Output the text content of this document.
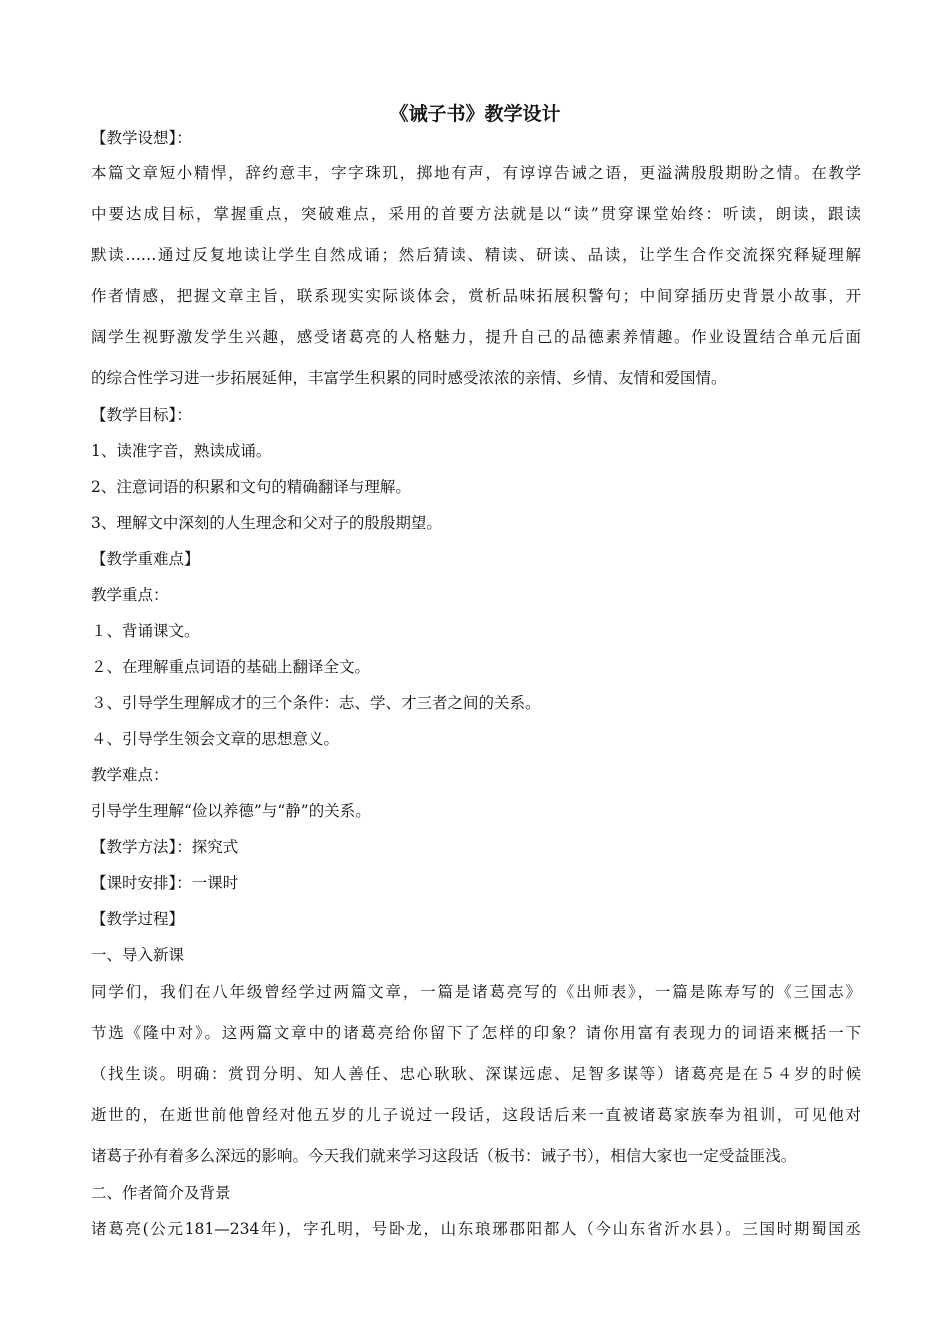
《诫子书》教学设计
【教学设想】：
本篇文章短小精悍，辞约意丰，字字珠玑，掷地有声，有谆谆告诫之语，更溢满殷殷期盼之情。在教学
中要达成目标，掌握重点，突破难点，采用的首要方法就是以“读”贯穿课堂始终：听读，朗读，跟读
默读……通过反复地读让学生自然成诵；然后猜读、精读、研读、品读，让学生合作交流探究释疑理解
作者情感，把握文章主旨，联系现实实际谈体会，赏析品味拓展积警句；中间穿插历史背景小故事，开
阔学生视野激发学生兴趣，感受诸葛亮的人格魅力，提升自己的品德素养情趣。作业设置结合单元后面
的综合性学习进一步拓展延伸，丰富学生积累的同时感受浓浓的亲情、乡情、友情和爱国情。
【教学目标】：
1、读准字音，熟读成诵。
2、注意词语的积累和文句的精确翻译与理解。
3、理解文中深刻的人生理念和父对子的殷殷期望。
【教学重难点】
教学重点：
１、背诵课文。
２、在理解重点词语的基础上翻译全文。
３、引导学生理解成才的三个条件：志、学、才三者之间的关系。
４、引导学生领会文章的思想意义。
教学难点：
引导学生理解“俭以养德”与“静”的关系。
【教学方法】：探究式
【课时安排】：一课时
【教学过程】
一、导入新课
同学们，我们在八年级曾经学过两篇文章，一篇是诸葛亮写的《出师表》，一篇是陈寿写的《三国志》
节选《隆中对》。这两篇文章中的诸葛亮给你留下了怎样的印象？请你用富有表现力的词语来概括一下
（找生谈。明确：赏罚分明、知人善任、忠心耿耿、深谋远虑、足智多谋等）诸葛亮是在５４岁的时候
逝世的，在逝世前他曾经对他五岁的儿子说过一段话，这段话后来一直被诸葛家族奉为祖训，可见他对
诸葛子孙有着多么深远的影响。今天我们就来学习这段话（板书：诫子书），相信大家也一定受益匪浅。
二、作者简介及背景
诸葛亮(公元181—234年)，字孔明，号卧龙，山东琅琊郡阳都人（今山东省沂水县）。三国时期蜀国丞
